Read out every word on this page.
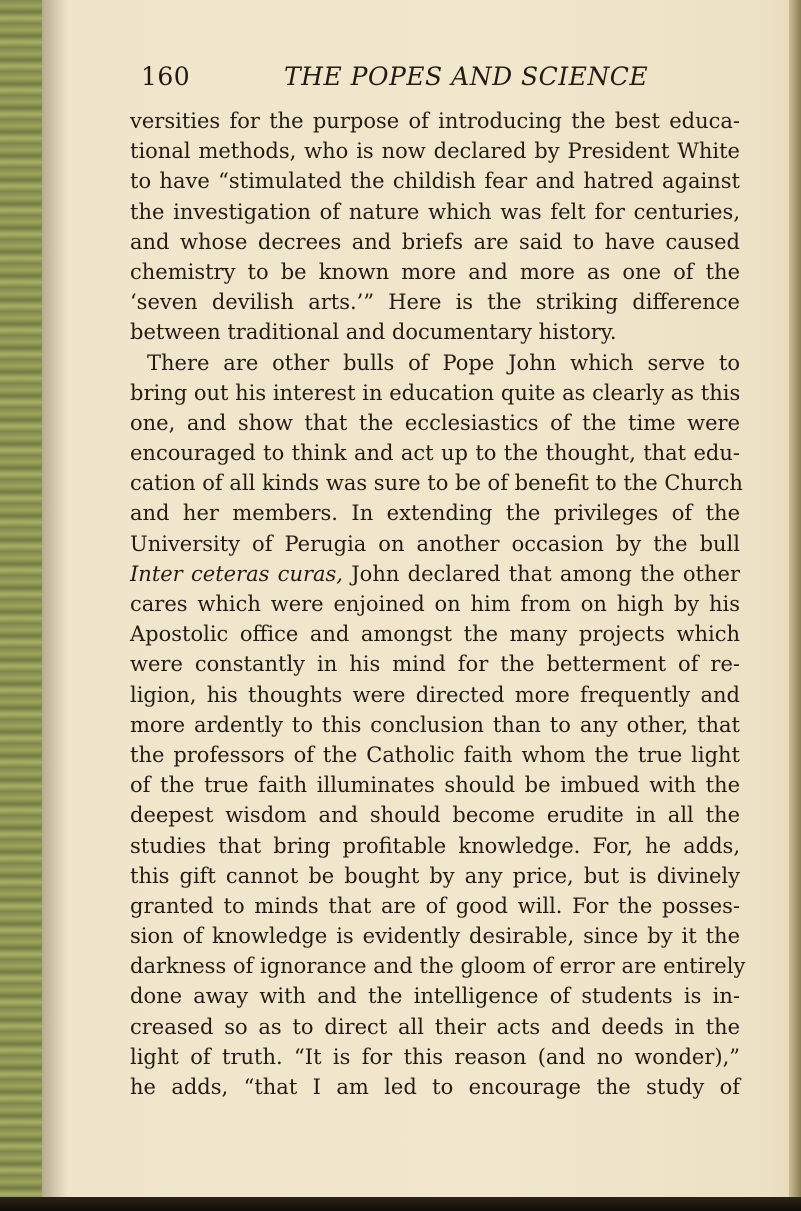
160	THE POPES AND SCIENCE
versities for the purpose of introducing the best educa-
tional methods, who is now declared by President White
to have “stimulated the childish fear and hatred against
the investigation of nature which was felt for centuries,
and whose decrees and briefs are said to have caused
chemistry to be known more and more as one of the
‘seven devilish arts.’” Here is the striking difference
between traditional and documentary history.
There are other bulls of Pope John which serve to
bring out his interest in education quite as clearly as this
one, and show that the ecclesiastics of the time were
encouraged to think and act up to the thought, that edu-
cation of all kinds was sure to be of benefit to the Church
and her members. In extending the privileges of the
University of Perugia on another occasion by the bull
Inter ceteras curas, John declared that among the other
cares which were enjoined on him from on high by his
Apostolic office and amongst the many projects which
were constantly in his mind for the betterment of re-
ligion, his thoughts were directed more frequently and
more ardently to this conclusion than to any other, that
the professors of the Catholic faith whom the true light
of the true faith illuminates should be imbued with the
deepest wisdom and should become erudite in all the
studies that bring profitable knowledge. For, he adds,
this gift cannot be bought by any price, but is divinely
granted to minds that are of good will. For the posses-
sion of knowledge is evidently desirable, since by it the
darkness of ignorance and the gloom of error are entirely
done away with and the intelligence of students is in-
creased so as to direct all their acts and deeds in the
light of truth. “It is for this reason (and no wonder),”
he adds, “that I am led to encourage the study of
